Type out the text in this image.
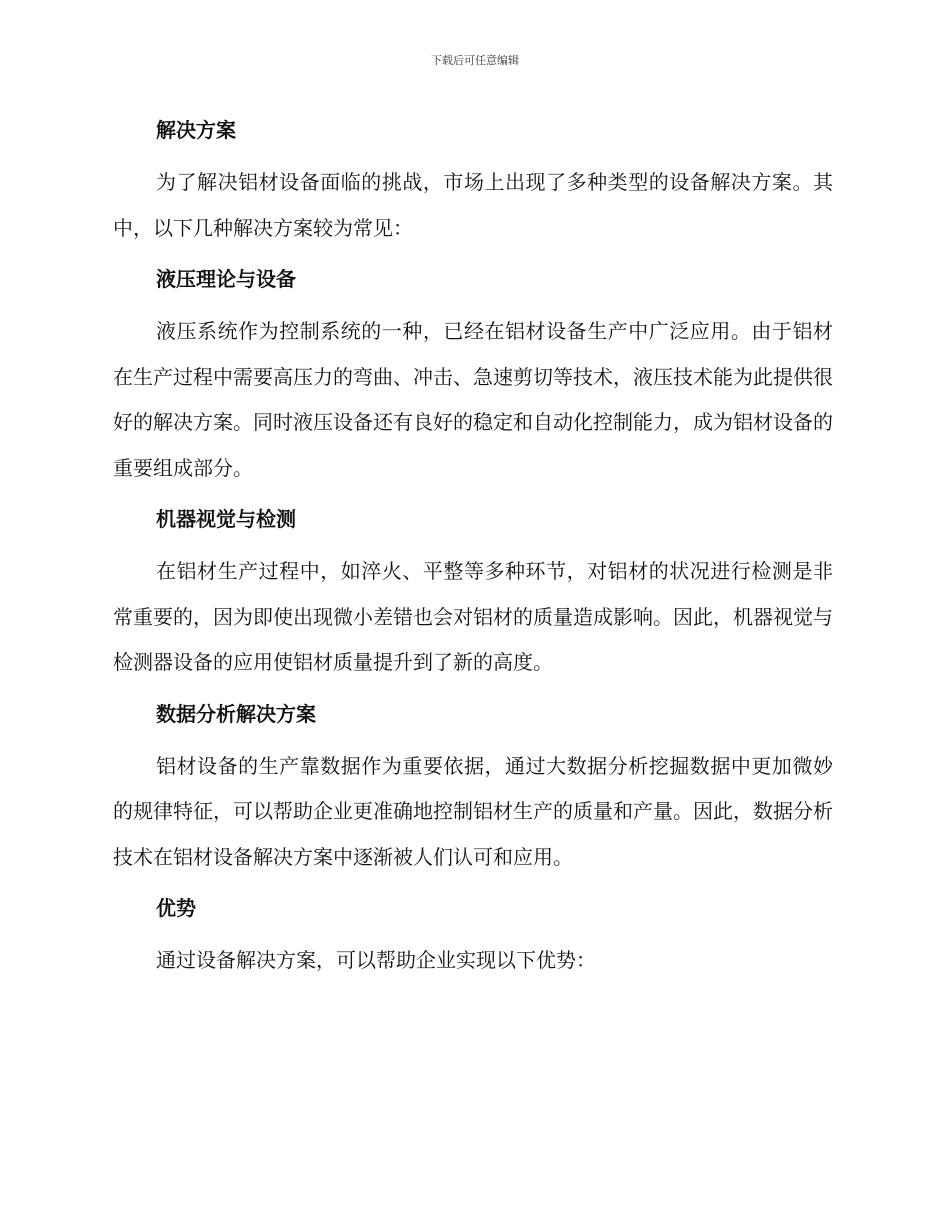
下载后可任意编辑
解决方案
为了解决铝材设备面临的挑战，市场上出现了多种类型的设备解决方案。其中，以下几种解决方案较为常见：
液压理论与设备
液压系统作为控制系统的一种，已经在铝材设备生产中广泛应用。由于铝材在生产过程中需要高压力的弯曲、冲击、急速剪切等技术，液压技术能为此提供很好的解决方案。同时液压设备还有良好的稳定和自动化控制能力，成为铝材设备的重要组成部分。
机器视觉与检测
在铝材生产过程中，如淬火、平整等多种环节，对铝材的状况进行检测是非常重要的，因为即使出现微小差错也会对铝材的质量造成影响。因此，机器视觉与检测器设备的应用使铝材质量提升到了新的高度。
数据分析解决方案
铝材设备的生产靠数据作为重要依据，通过大数据分析挖掘数据中更加微妙的规律特征，可以帮助企业更准确地控制铝材生产的质量和产量。因此，数据分析技术在铝材设备解决方案中逐渐被人们认可和应用。
优势
通过设备解决方案，可以帮助企业实现以下优势：
